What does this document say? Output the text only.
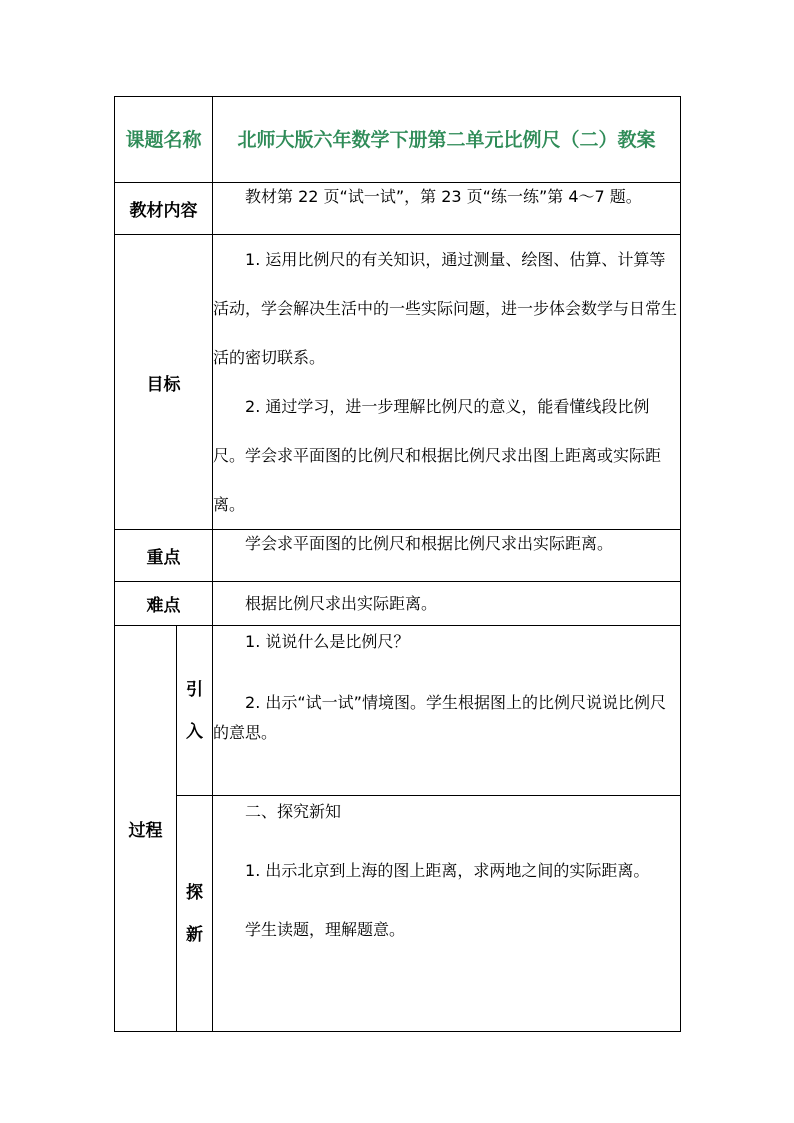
课题名称		北师大版六年数学下册第二单元比例尺（二）教案
教材内容		教材第 22 页“试一试”，第 23 页“练一练”第 4～7 题。

目标		1. 运用比例尺的有关知识，通过测量、绘图、估算、计算等活动，学会解决生活中的一些实际问题，进一步体会数学与日常生活的密切联系。

2. 通过学习，进一步理解比例尺的意义，能看懂线段比例尺。学会求平面图的比例尺和根据比例尺求出图上距离或实际距离。

重点		学会求平面图的比例尺和根据比例尺求出实际距离。

难点		根据比例尺求出实际距离。

过程	引入	1. 说说什么是比例尺？

2. 出示“试一试”情境图。学生根据图上的比例尺说说比例尺的意思。

	探新	二、探究新知

1. 出示北京到上海的图上距离，求两地之间的实际距离。

学生读题，理解题意。
